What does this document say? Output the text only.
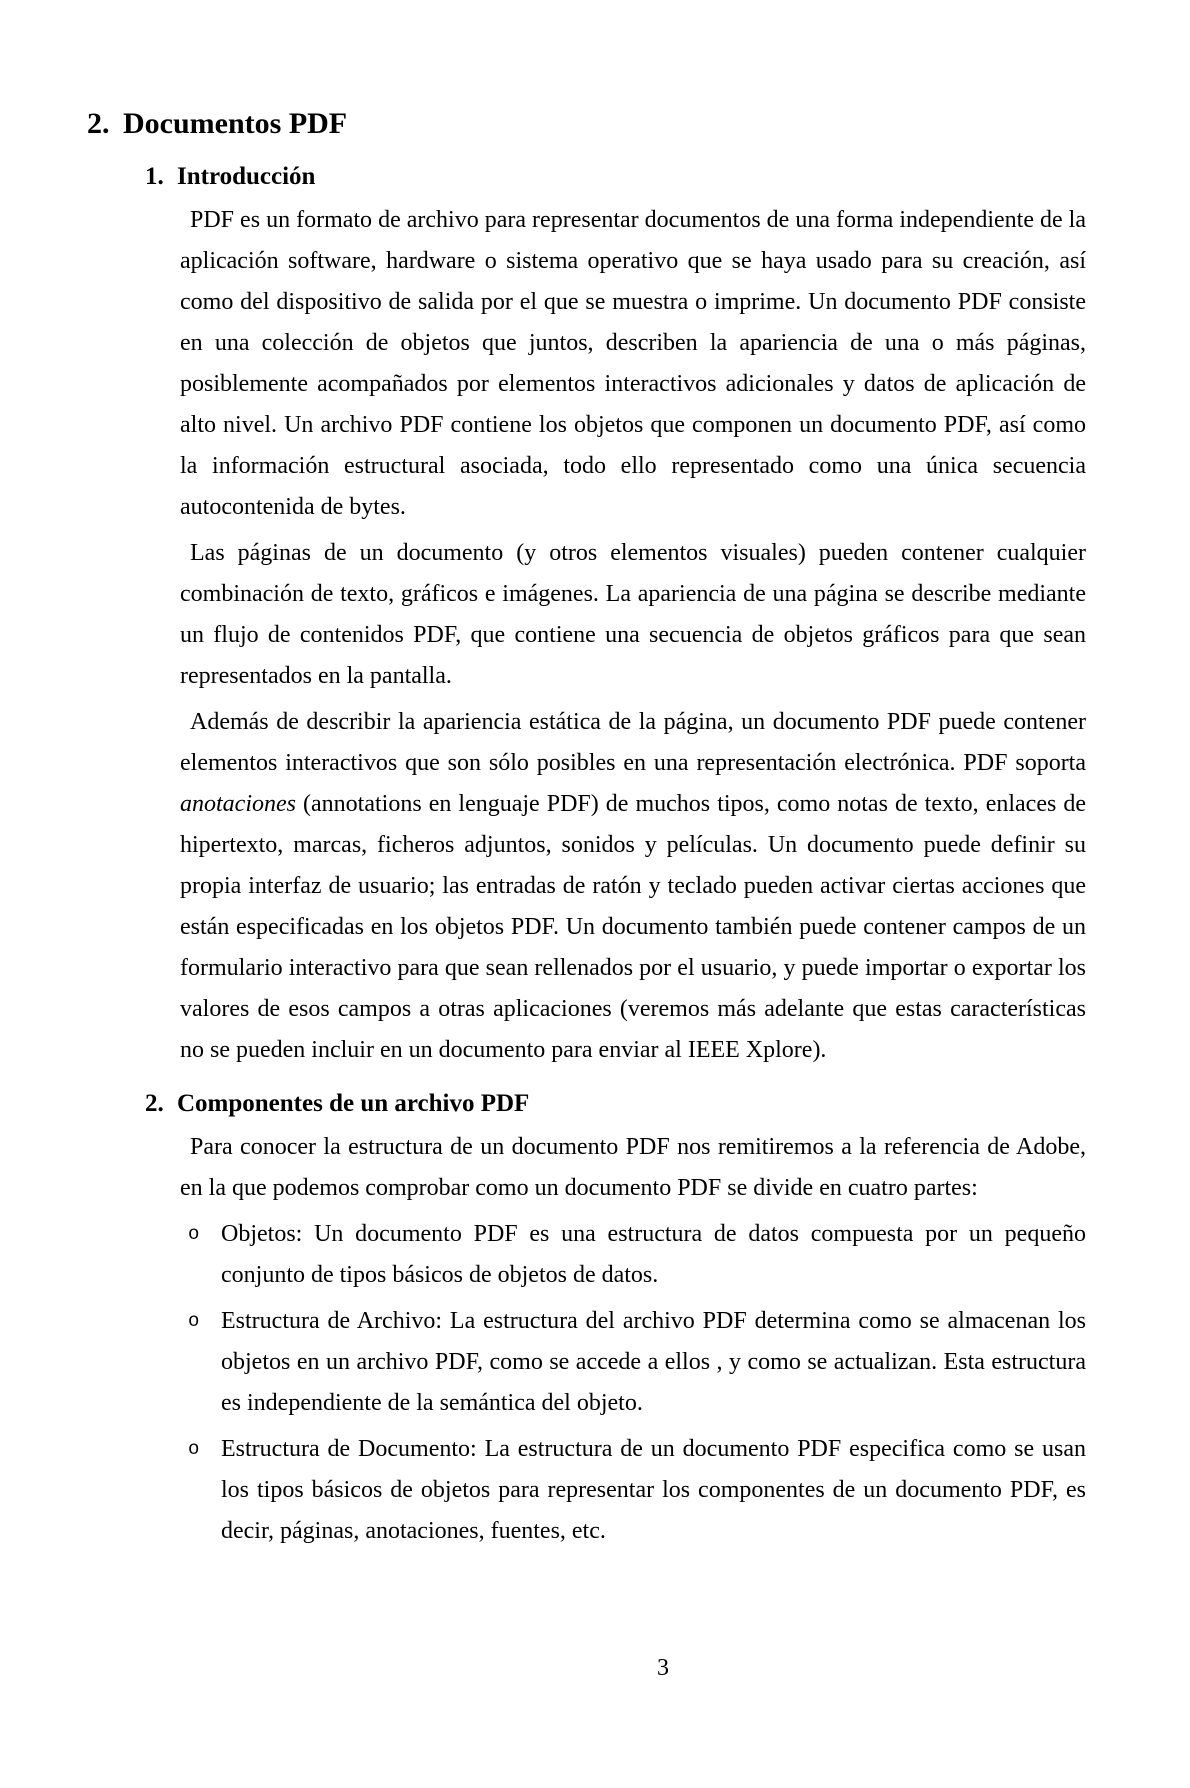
2. Documentos PDF
1. Introducción

PDF es un formato de archivo para representar documentos de una forma independiente de la aplicación software, hardware o sistema operativo que se haya usado para su creación, así como del dispositivo de salida por el que se muestra o imprime. Un documento PDF consiste en una colección de objetos que juntos, describen la apariencia de una o más páginas, posiblemente acompañados por elementos interactivos adicionales y datos de aplicación de alto nivel. Un archivo PDF contiene los objetos que componen un documento PDF, así como la información estructural asociada, todo ello representado como una única secuencia autocontenida de bytes.

Las páginas de un documento (y otros elementos visuales) pueden contener cualquier combinación de texto, gráficos e imágenes. La apariencia de una página se describe mediante un flujo de contenidos PDF, que contiene una secuencia de objetos gráficos para que sean representados en la pantalla.

Además de describir la apariencia estática de la página, un documento PDF puede contener elementos interactivos que son sólo posibles en una representación electrónica. PDF soporta anotaciones (annotations en lenguaje PDF) de muchos tipos, como notas de texto, enlaces de hipertexto, marcas, ficheros adjuntos, sonidos y películas. Un documento puede definir su propia interfaz de usuario; las entradas de ratón y teclado pueden activar ciertas acciones que están especificadas en los objetos PDF. Un documento también puede contener campos de un formulario interactivo para que sean rellenados por el usuario, y puede importar o exportar los valores de esos campos a otras aplicaciones (veremos más adelante que estas características no se pueden incluir en un documento para enviar al IEEE Xplore).

2. Componentes de un archivo PDF

Para conocer la estructura de un documento PDF nos remitiremos a la referencia de Adobe, en la que podemos comprobar como un documento PDF se divide en cuatro partes:

o Objetos: Un documento PDF es una estructura de datos compuesta por un pequeño conjunto de tipos básicos de objetos de datos.

o Estructura de Archivo: La estructura del archivo PDF determina como se almacenan los objetos en un archivo PDF, como se accede a ellos , y como se actualizan. Esta estructura es independiente de la semántica del objeto.

o Estructura de Documento: La estructura de un documento PDF especifica como se usan los tipos básicos de objetos para representar los componentes de un documento PDF, es decir, páginas, anotaciones, fuentes, etc.

3
